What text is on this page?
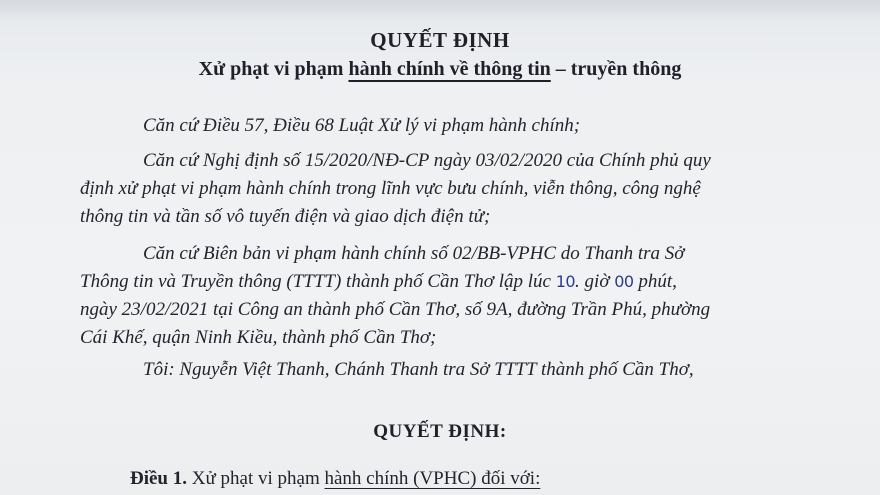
QUYẾT ĐỊNH
Xử phạt vi phạm hành chính về thông tin – truyền thông
Căn cứ Điều 57, Điều 68 Luật Xử lý vi phạm hành chính;
Căn cứ Nghị định số 15/2020/NĐ-CP ngày 03/02/2020 của Chính phủ quy
định xử phạt vi phạm hành chính trong lĩnh vực bưu chính, viễn thông, công nghệ
thông tin và tần số vô tuyến điện và giao dịch điện tử;
Căn cứ Biên bản vi phạm hành chính số 02/BB-VPHC do Thanh tra Sở
Thông tin và Truyền thông (TTTT) thành phố Cần Thơ lập lúc 10. giờ 00 phút,
ngày 23/02/2021 tại Công an thành phố Cần Thơ, số 9A, đường Trần Phú, phường
Cái Khế, quận Ninh Kiều, thành phố Cần Thơ;
Tôi: Nguyễn Việt Thanh, Chánh Thanh tra Sở TTTT thành phố Cần Thơ,
QUYẾT ĐỊNH:
Điều 1. Xử phạt vi phạm hành chính (VPHC) đối với:
